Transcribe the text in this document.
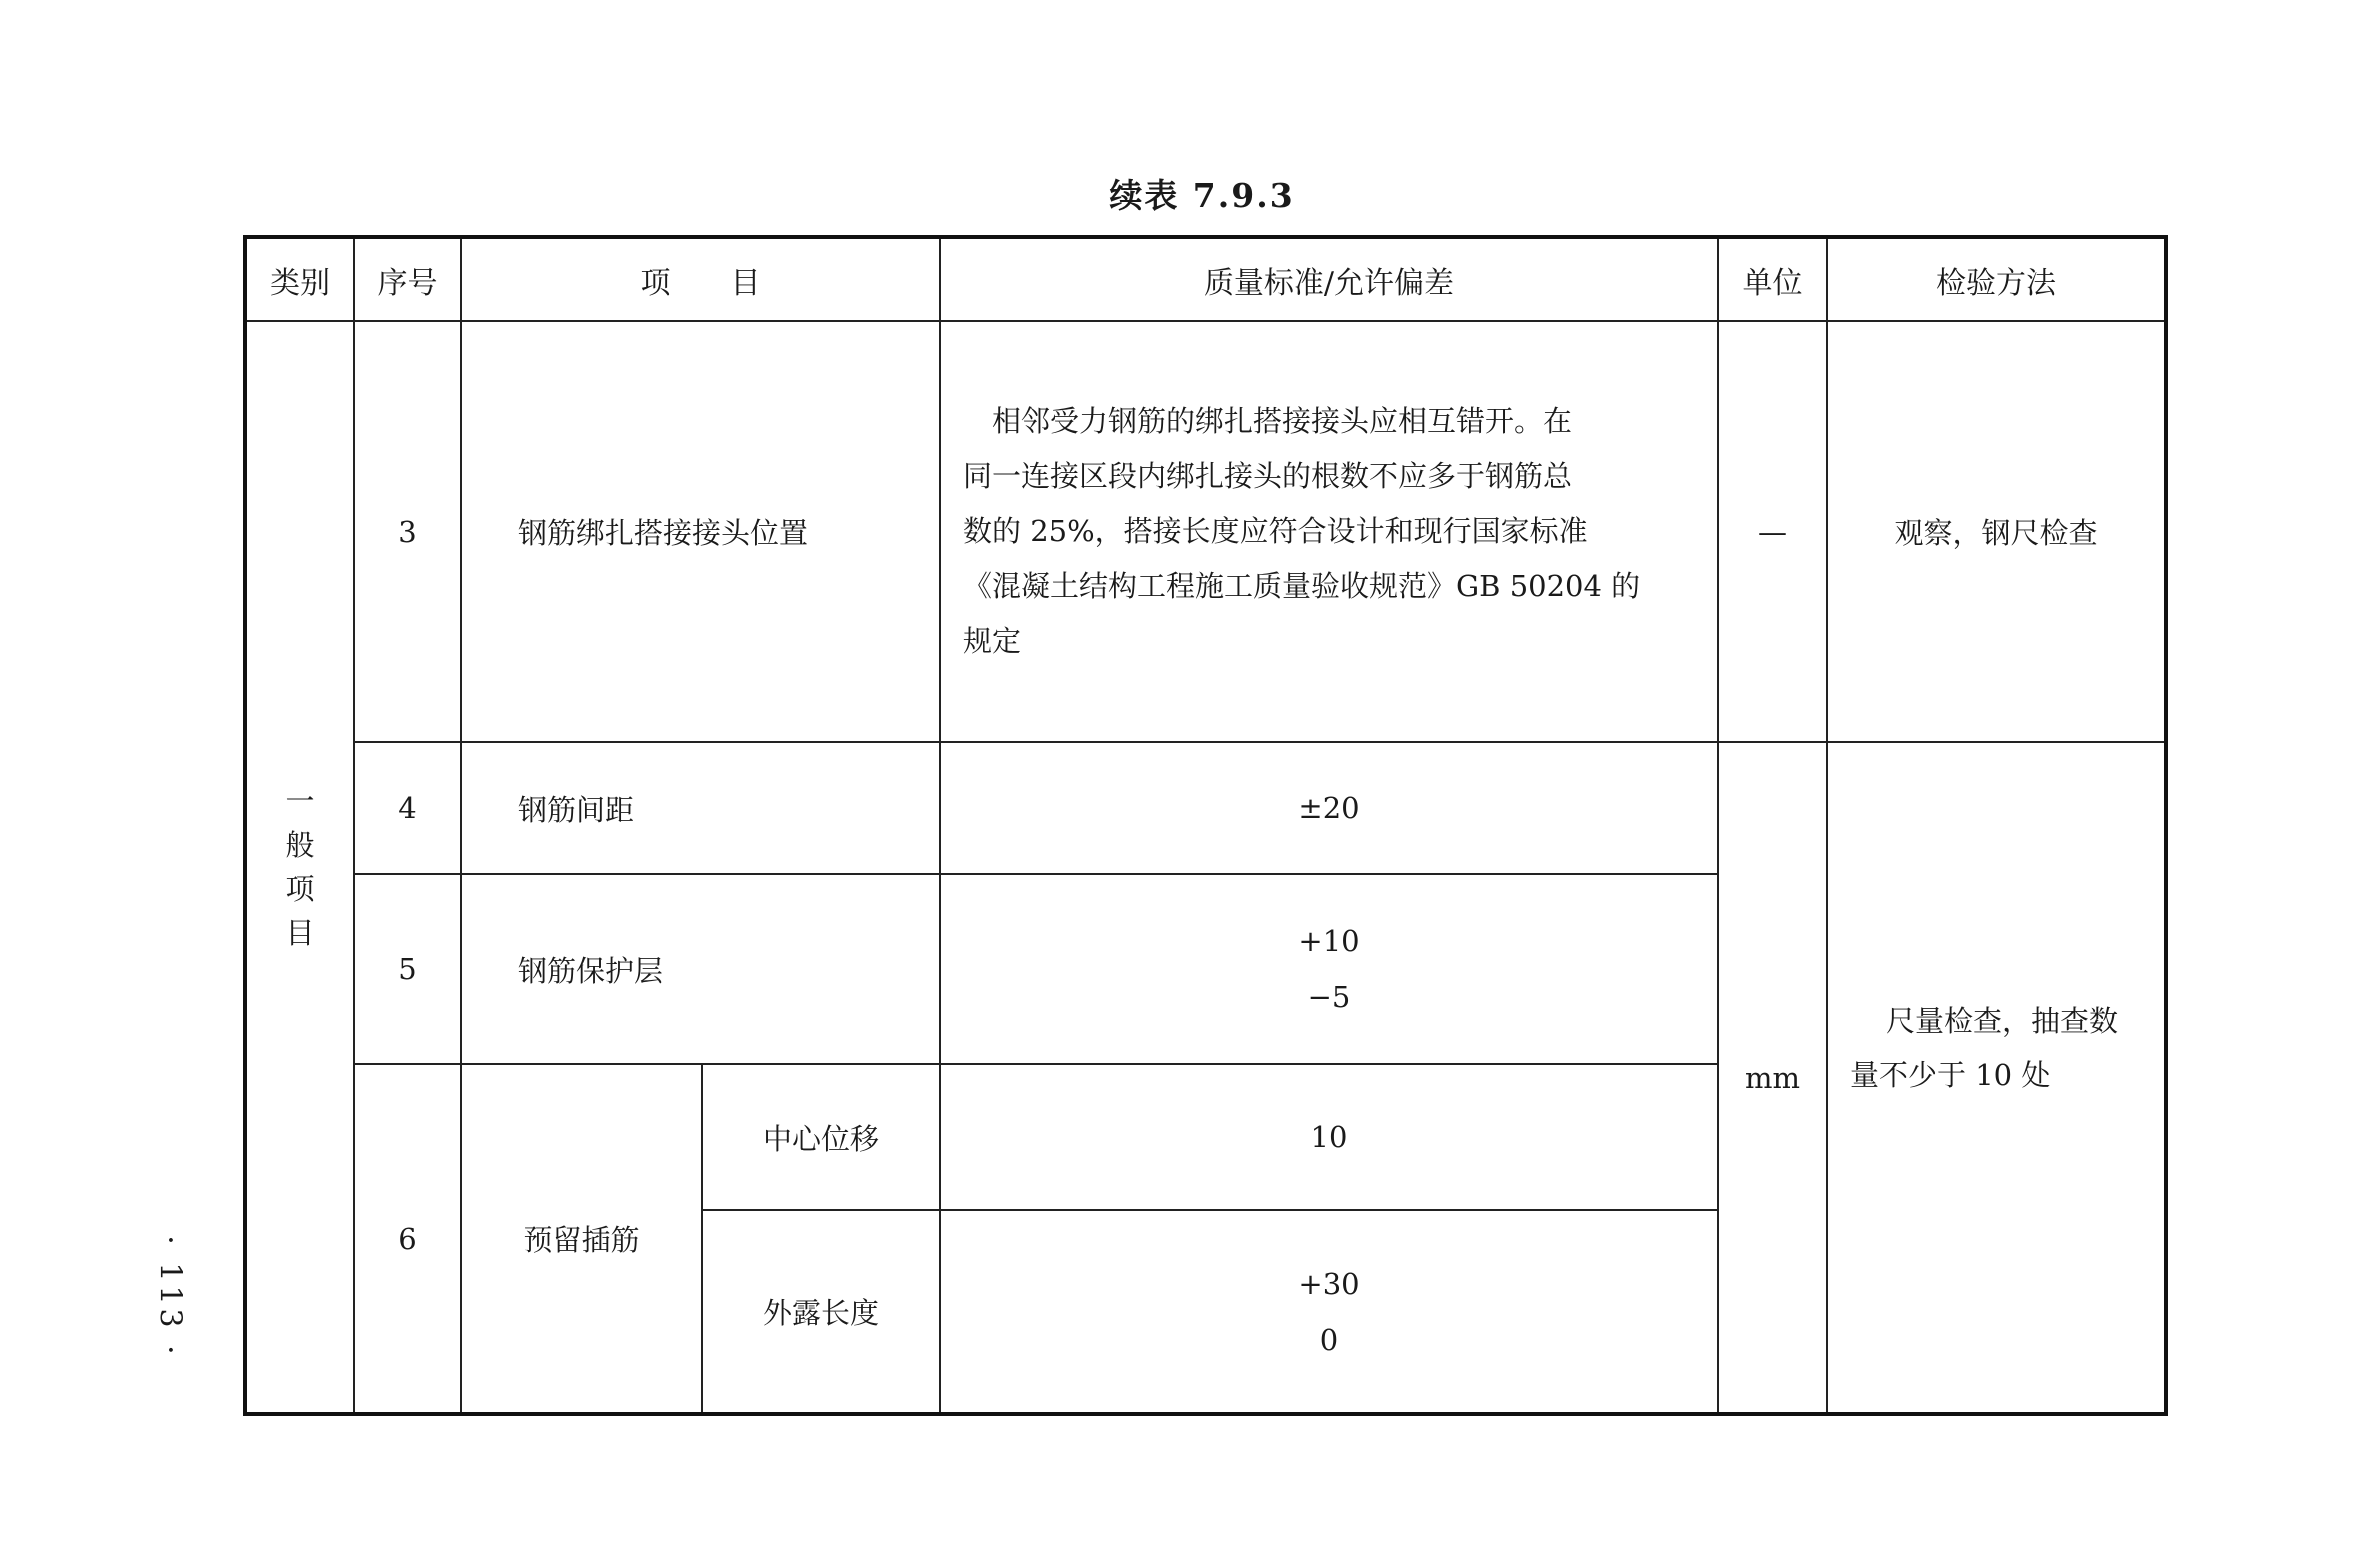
续表 7.9.3
· 113 ·
类别	序号	项　　目		质量标准/允许偏差	单位	检验方法

一般项目	3	钢筋绑扎搭接接头位置		　相邻受力钢筋的绑扎搭接接头应相互错开。在
同一连接区段内绑扎接头的根数不应多于钢筋总
数的 25%，搭接长度应符合设计和现行国家标准
《混凝土结构工程施工质量验收规范》GB 50204 的
规定	—	观察，钢尺检查
	4	钢筋间距		±20	mm	尺量检查，抽查数量不少于 10 处

	5	钢筋保护层		+10
−5		

	6	预留插筋	中心位移	10		
			外露长度	+30
0		
